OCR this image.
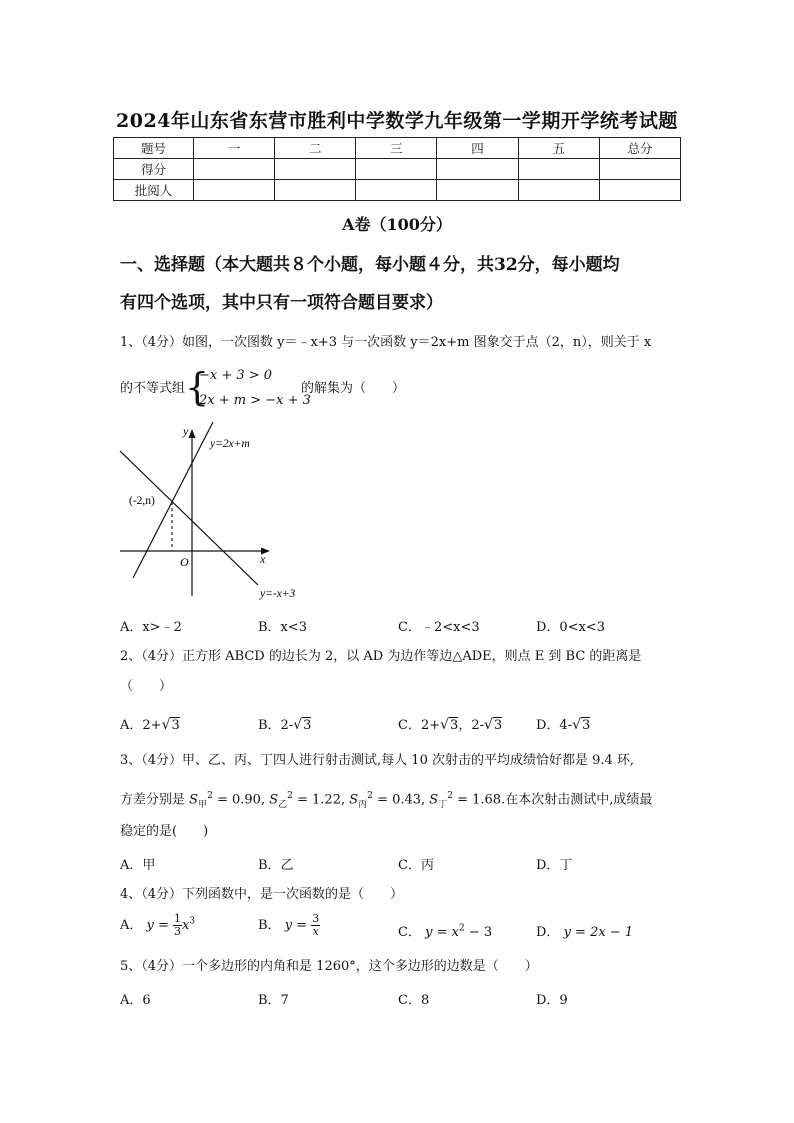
2024年山东省东营市胜利中学数学九年级第一学期开学统考试题
题号	一	二	三	四	五	总分
得分						
批阅人						
A卷（100分）
一、选择题（本大题共８个小题，每小题４分，共32分，每小题均
有四个选项，其中只有一项符合题目要求）
1、（4分）如图，一次图数 y＝﹣x+3 与一次函数 y＝2x+m 图象交于点（2，n），则关于 x
的不等式组 {
−x + 3 > 0
2x + m > −x + 3
的解集为（　　）
y
x
O
(-2,n)
y=2x+m
y=-x+3
A．x>﹣2	B．x<3	C．﹣2<x<3	D．0<x<3
2、（4分）正方形 ABCD 的边长为 2，以 AD 为边作等边△ADE，则点 E 到 BC 的距离是
（　　）
A．2+√3	B．2-√3	C．2+√3，2-√3	D．4-√3
3、（4分）甲、乙、丙、丁四人进行射击测试,每人 10 次射击的平均成绩恰好都是 9.4 环,
方差分别是 $S_甲^2 = 0.90$, $S_乙^2 = 1.22$, $S_丙^2 = 0.43$, $S_丁^2 = 1.68$.在本次射击测试中,成绩最
稳定的是(　　)
A．甲	B．乙	C．丙	D．丁
4、（4分）下列函数中，是一次函数的是（　　）
A． $y = \frac{1}{3} x^3$	B． $y = \frac{3}{x}$	C． $y = x^2 - 3$	D． y = 2x − 1
5、（4分）一个多边形的内角和是 1260°，这个多边形的边数是（　　）
A．6	B．7	C．8	D．9
